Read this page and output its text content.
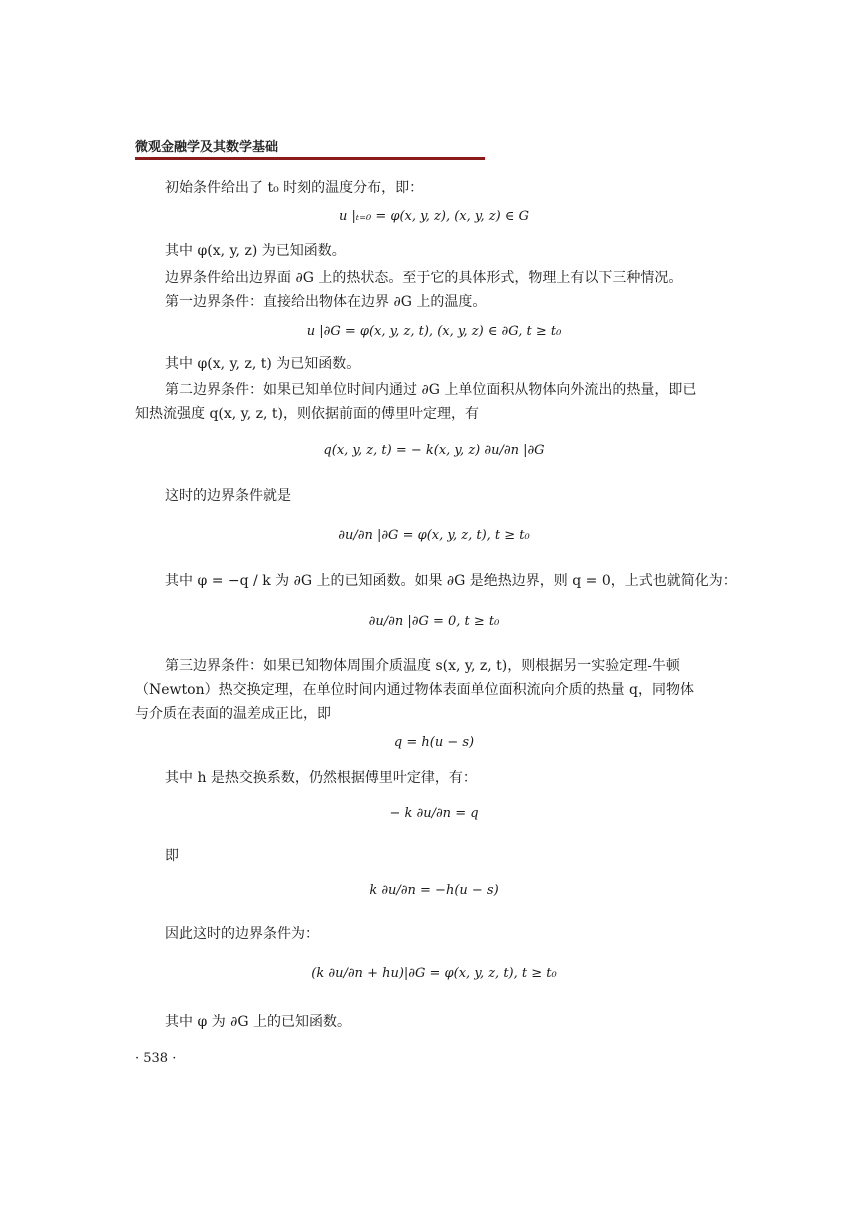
微观金融学及其数学基础
初始条件给出了 t₀ 时刻的温度分布，即：
u |ₜ₌₀ = φ(x, y, z), (x, y, z) ∈ G
其中 φ(x, y, z) 为已知函数。
边界条件给出边界面 ∂G 上的热状态。至于它的具体形式，物理上有以下三种情况。
第一边界条件：直接给出物体在边界 ∂G 上的温度。
u |∂G = φ(x, y, z, t), (x, y, z) ∈ ∂G, t ≥ t₀
其中 φ(x, y, z, t) 为已知函数。
第二边界条件：如果已知单位时间内通过 ∂G 上单位面积从物体向外流出的热量，即已
知热流强度 q(x, y, z, t)，则依据前面的傅里叶定理，有
q(x, y, z, t) = − k(x, y, z) ∂u/∂n |∂G
这时的边界条件就是
∂u/∂n |∂G = φ(x, y, z, t), t ≥ t₀
其中 φ = −q / k 为 ∂G 上的已知函数。如果 ∂G 是绝热边界，则 q = 0，上式也就简化为：
∂u/∂n |∂G = 0, t ≥ t₀
第三边界条件：如果已知物体周围介质温度 s(x, y, z, t)，则根据另一实验定理-牛顿
（Newton）热交换定理，在单位时间内通过物体表面单位面积流向介质的热量 q，同物体
与介质在表面的温差成正比，即
q = h(u − s)
其中 h 是热交换系数，仍然根据傅里叶定律，有：
− k ∂u/∂n = q
即
k ∂u/∂n = −h(u − s)
因此这时的边界条件为：
(k ∂u/∂n + hu)|∂G = φ(x, y, z, t), t ≥ t₀
其中 φ 为 ∂G 上的已知函数。
· 538 ·
